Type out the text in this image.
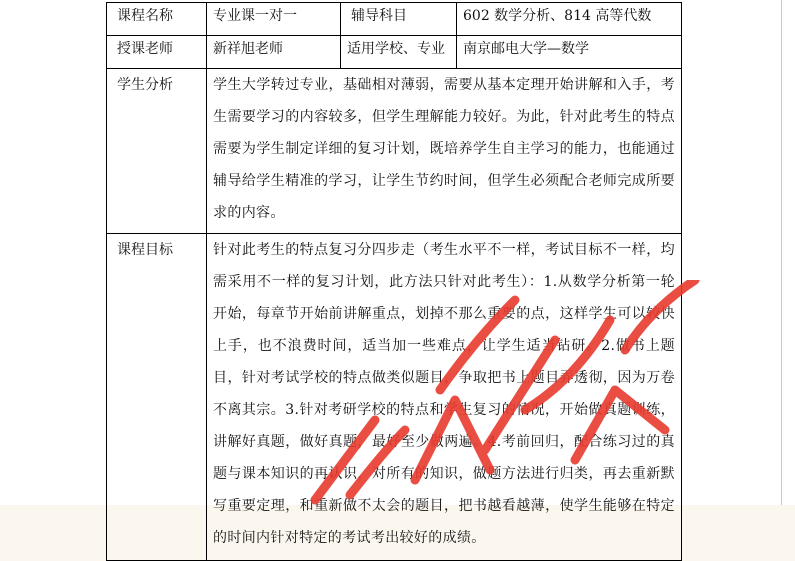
课程名称	专业课一对一	辅导科目	602 数学分析、814 高等代数
授课老师	新祥旭老师	适用学校、专业	南京邮电大学—数学
学生分析	学生大学转过专业，基础相对薄弱，需要从基本定理开始讲解和入手，考生需要学习的内容较多，但学生理解能力较好。为此，针对此考生的特点需要为学生制定详细的复习计划，既培养学生自主学习的能力，也能通过辅导给学生精准的学习，让学生节约时间，但学生必须配合老师完成所要求的内容。		

课程目标	针对此考生的特点复习分四步走（考生水平不一样，考试目标不一样，均需采用不一样的复习计划，此方法只针对此考生）：1.从数学分析第一轮开始，每章节开始前讲解重点，划掉不那么重要的点，这样学生可以较快上手，也不浪费时间，适当加一些难点，让学生适当钻研。2.做书上题目，针对考试学校的特点做类似题目，争取把书上题目弄透彻，因为万卷不离其宗。3.针对考研学校的特点和学生复习的情况，开始做真题训练，讲解好真题，做好真题，最好至少做两遍。4.考前回归，配合练习过的真题与课本知识的再认识，对所有的知识，做题方法进行归类，再去重新默写重要定理，和重新做不太会的题目，把书越看越薄，使学生能够在特定的时间内针对特定的考试考出较好的成绩。		
